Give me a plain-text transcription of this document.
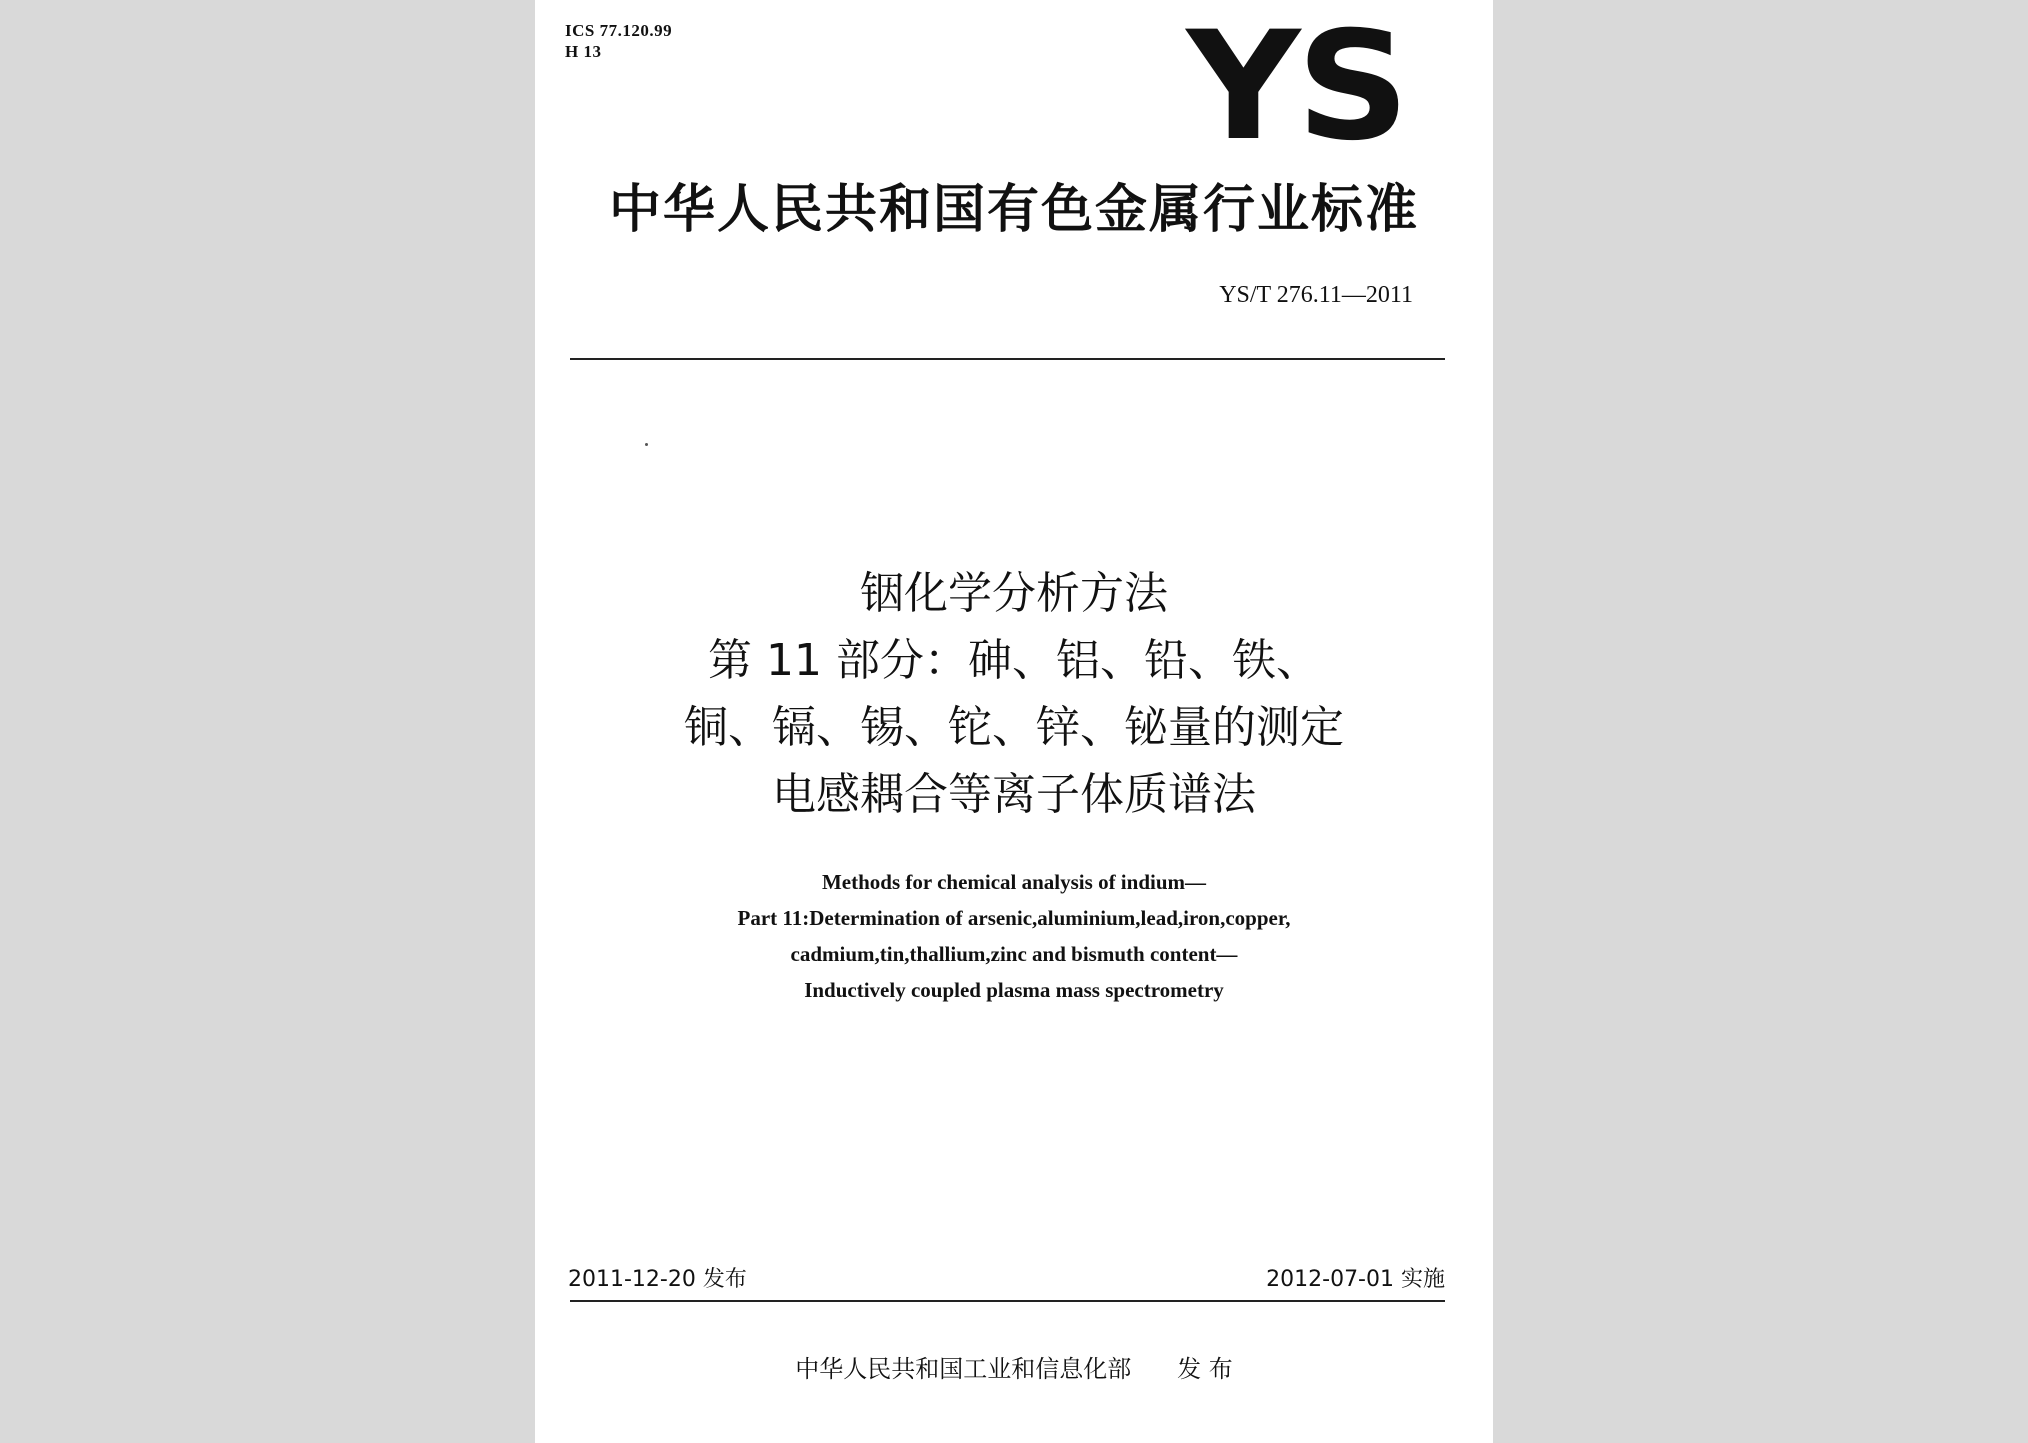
ICS 77.120.99
H 13	YS
中华人民共和国有色金属行业标准
YS/T 276.11—2011
铟化学分析方法
第 11 部分：砷、铝、铅、铁、
铜、镉、锡、铊、锌、铋量的测定
电感耦合等离子体质谱法
Methods for chemical analysis of indium—
Part 11:Determination of arsenic,aluminium,lead,iron,copper,
cadmium,tin,thallium,zinc and bismuth content—
Inductively coupled plasma mass spectrometry
2011-12-20 发布	2012-07-01 实施
中华人民共和国工业和信息化部      发 布
